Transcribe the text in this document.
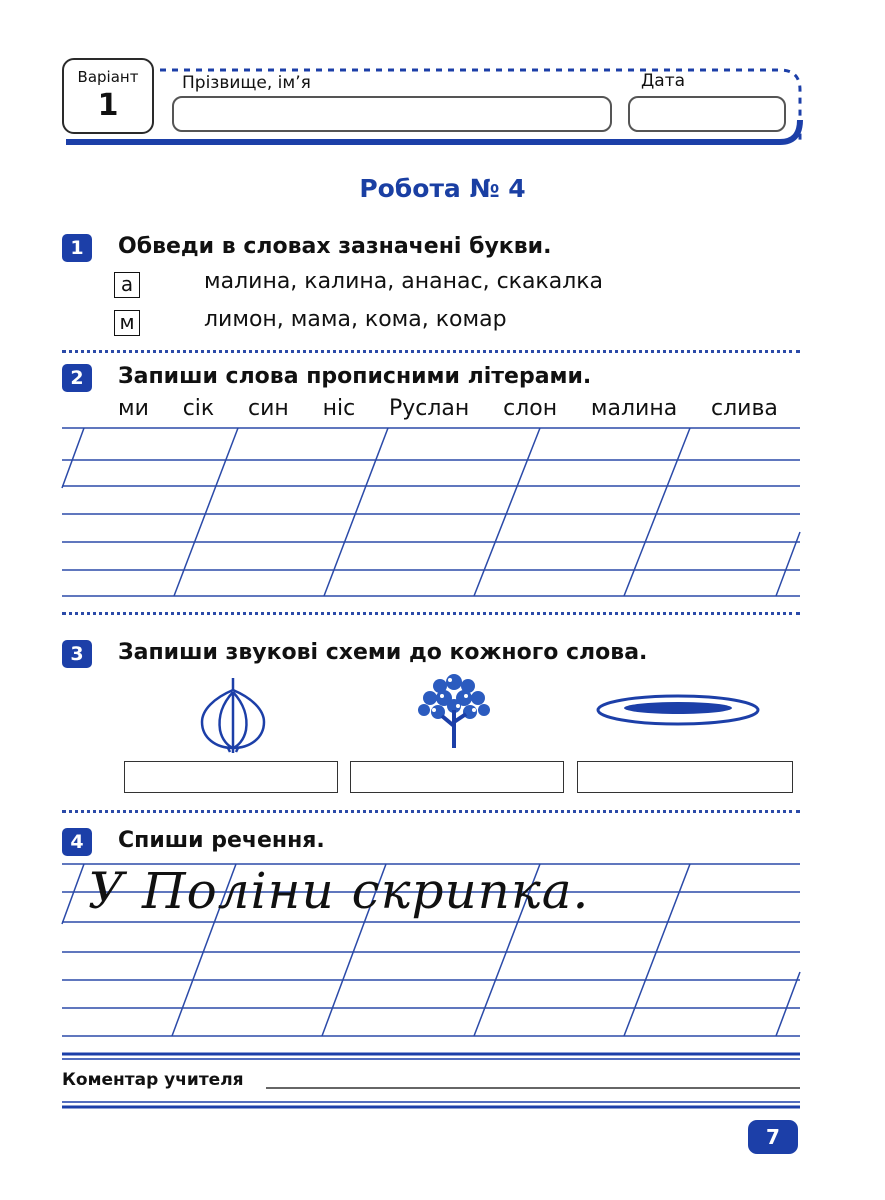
Варіант
1
Прізвище, ім’я	Дата
Робота № 4
1	Обведи в словах зазначені букви.
а	малина, калина, ананас, скакалка
м	лимон, мама, кома, комар
2	Запиши слова прописними літерами.
ми сік син ніс Руслан слон малина слива
3	Запиши звукові схеми до кожного слова.
4	Спиши речення.
У Поліни скрипка.
Коментар учителя
7
